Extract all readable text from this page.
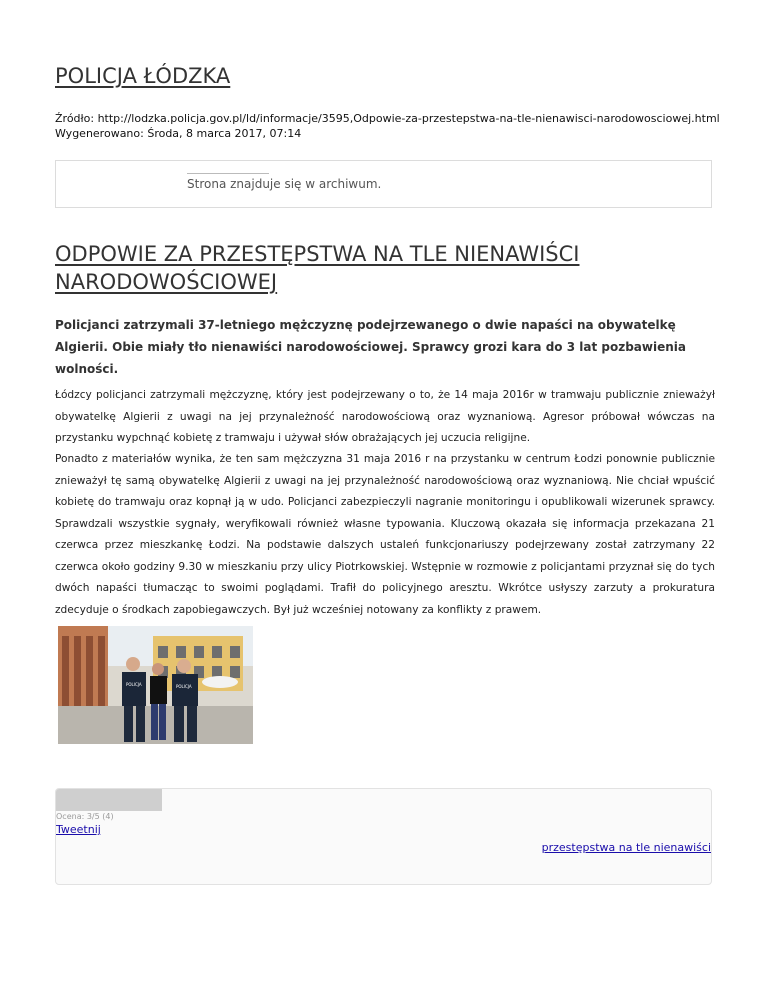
POLICJA ŁÓDZKA
Źródło: http://lodzka.policja.gov.pl/ld/informacje/3595,Odpowie-za-przestepstwa-na-tle-nienawisci-narodowosciowej.html
Wygenerowano: Środa, 8 marca 2017, 07:14
Strona znajduje się w archiwum.
ODPOWIE ZA PRZESTĘPSTWA NA TLE NIENAWIŚCI NARODOWOŚCIOWEJ

Policjanci zatrzymali 37-letniego mężczyznę podejrzewanego o dwie napaści na obywatelkę Algierii. Obie miały tło nienawiści narodowościowej. Sprawcy grozi kara do 3 lat pozbawienia wolności.

Łódzcy policjanci zatrzymali mężczyznę, który jest podejrzewany o to, że 14 maja 2016r w tramwaju publicznie znieważył obywatelkę Algierii z uwagi na jej przynależność narodowościową oraz wyznaniową. Agresor próbował wówczas na przystanku wypchnąć kobietę z tramwaju i używał słów obrażających jej uczucia religijne.

Ponadto z materiałów wynika, że ten sam mężczyzna 31 maja 2016 r na przystanku w centrum Łodzi ponownie publicznie znieważył tę samą obywatelkę Algierii z uwagi na jej przynależność narodowościową oraz wyznaniową. Nie chciał wpuścić kobietę do tramwaju oraz kopnął ją w udo. Policjanci zabezpieczyli nagranie monitoringu i opublikowali wizerunek sprawcy. Sprawdzali wszystkie sygnały, weryfikowali również własne typowania. Kluczową okazała się informacja przekazana 21 czerwca przez mieszkankę Łodzi. Na podstawie dalszych ustaleń funkcjonariuszy podejrzewany został zatrzymany 22 czerwca około godziny 9.30 w mieszkaniu przy ulicy Piotrkowskiej. Wstępnie w rozmowie z policjantami przyznał się do tych dwóch napaści tłumacząc to swoimi poglądami. Trafił do policyjnego aresztu. Wkrótce usłyszy zarzuty a prokuratura zdecyduje o środkach zapobiegawczych. Był już wcześniej notowany za konflikty z prawem.

POLICJA	POLICJA
Ocena: 3/5 (4)
Tweetnij
przestępstwa na tle nienawiści
